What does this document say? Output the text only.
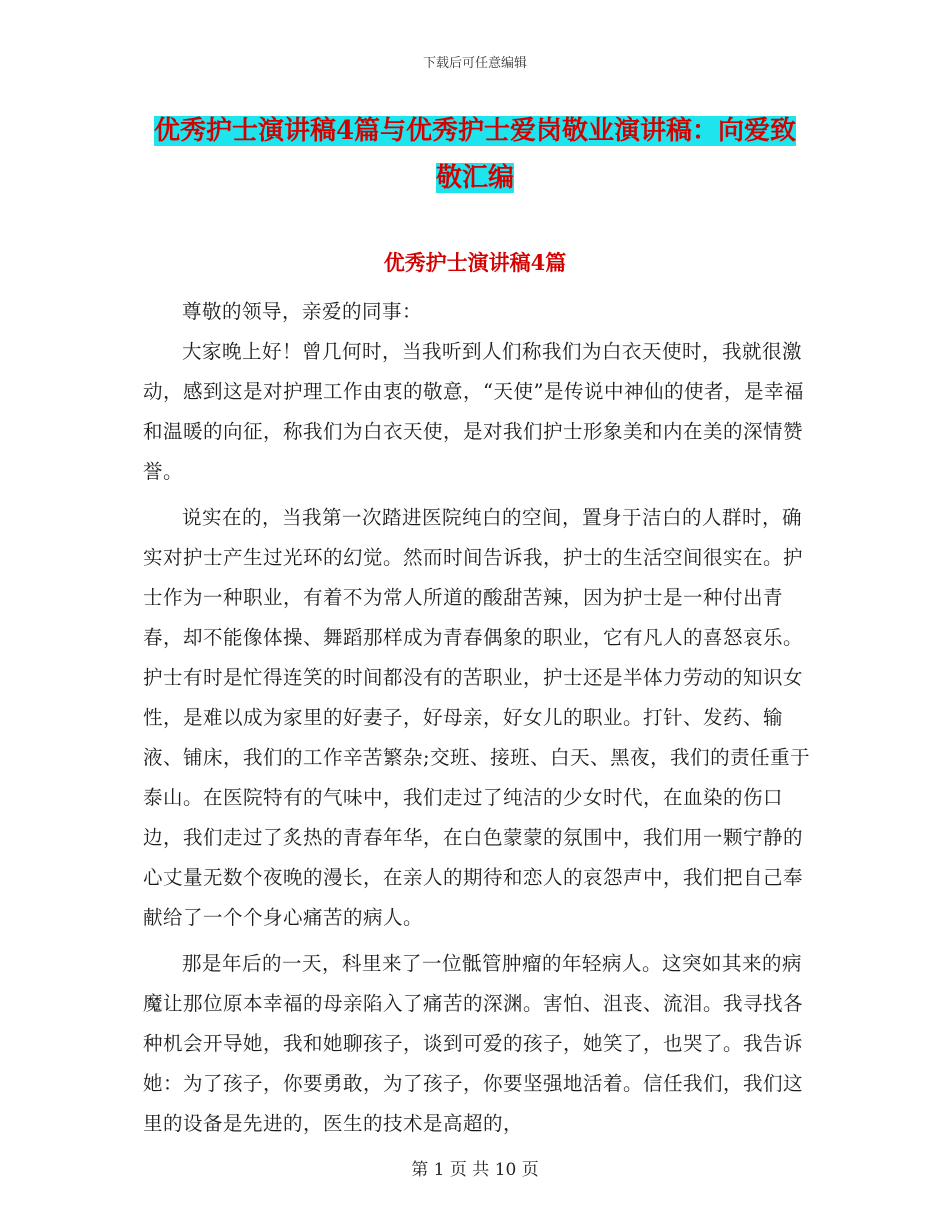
下载后可任意编辑
优秀护士演讲稿4篇与优秀护士爱岗敬业演讲稿：向爱致敬汇编
优秀护士演讲稿4篇

尊敬的领导，亲爱的同事：

大家晚上好！曾几何时，当我听到人们称我们为白衣天使时，我就很激动，感到这是对护理工作由衷的敬意，“天使”是传说中神仙的使者，是幸福和温暖的向征，称我们为白衣天使，是对我们护士形象美和内在美的深情赞誉。

说实在的，当我第一次踏进医院纯白的空间，置身于洁白的人群时，确实对护士产生过光环的幻觉。然而时间告诉我，护士的生活空间很实在。护士作为一种职业，有着不为常人所道的酸甜苦辣，因为护士是一种付出青春，却不能像体操、舞蹈那样成为青春偶象的职业，它有凡人的喜怒哀乐。护士有时是忙得连笑的时间都没有的苦职业，护士还是半体力劳动的知识女性，是难以成为家里的好妻子，好母亲，好女儿的职业。打针、发药、输液、铺床，我们的工作辛苦繁杂;交班、接班、白天、黑夜，我们的责任重于泰山。在医院特有的气味中，我们走过了纯洁的少女时代，在血染的伤口边，我们走过了炙热的青春年华，在白色蒙蒙的氛围中，我们用一颗宁静的心丈量无数个夜晚的漫长，在亲人的期待和恋人的哀怨声中，我们把自己奉献给了一个个身心痛苦的病人。

那是年后的一天，科里来了一位骶管肿瘤的年轻病人。这突如其来的病魔让那位原本幸福的母亲陷入了痛苦的深渊。害怕、沮丧、流泪。我寻找各种机会开导她，我和她聊孩子，谈到可爱的孩子，她笑了，也哭了。我告诉她：为了孩子，你要勇敢，为了孩子，你要坚强地活着。信任我们，我们这里的设备是先进的，医生的技术是高超的，

第 1 页 共 10 页
